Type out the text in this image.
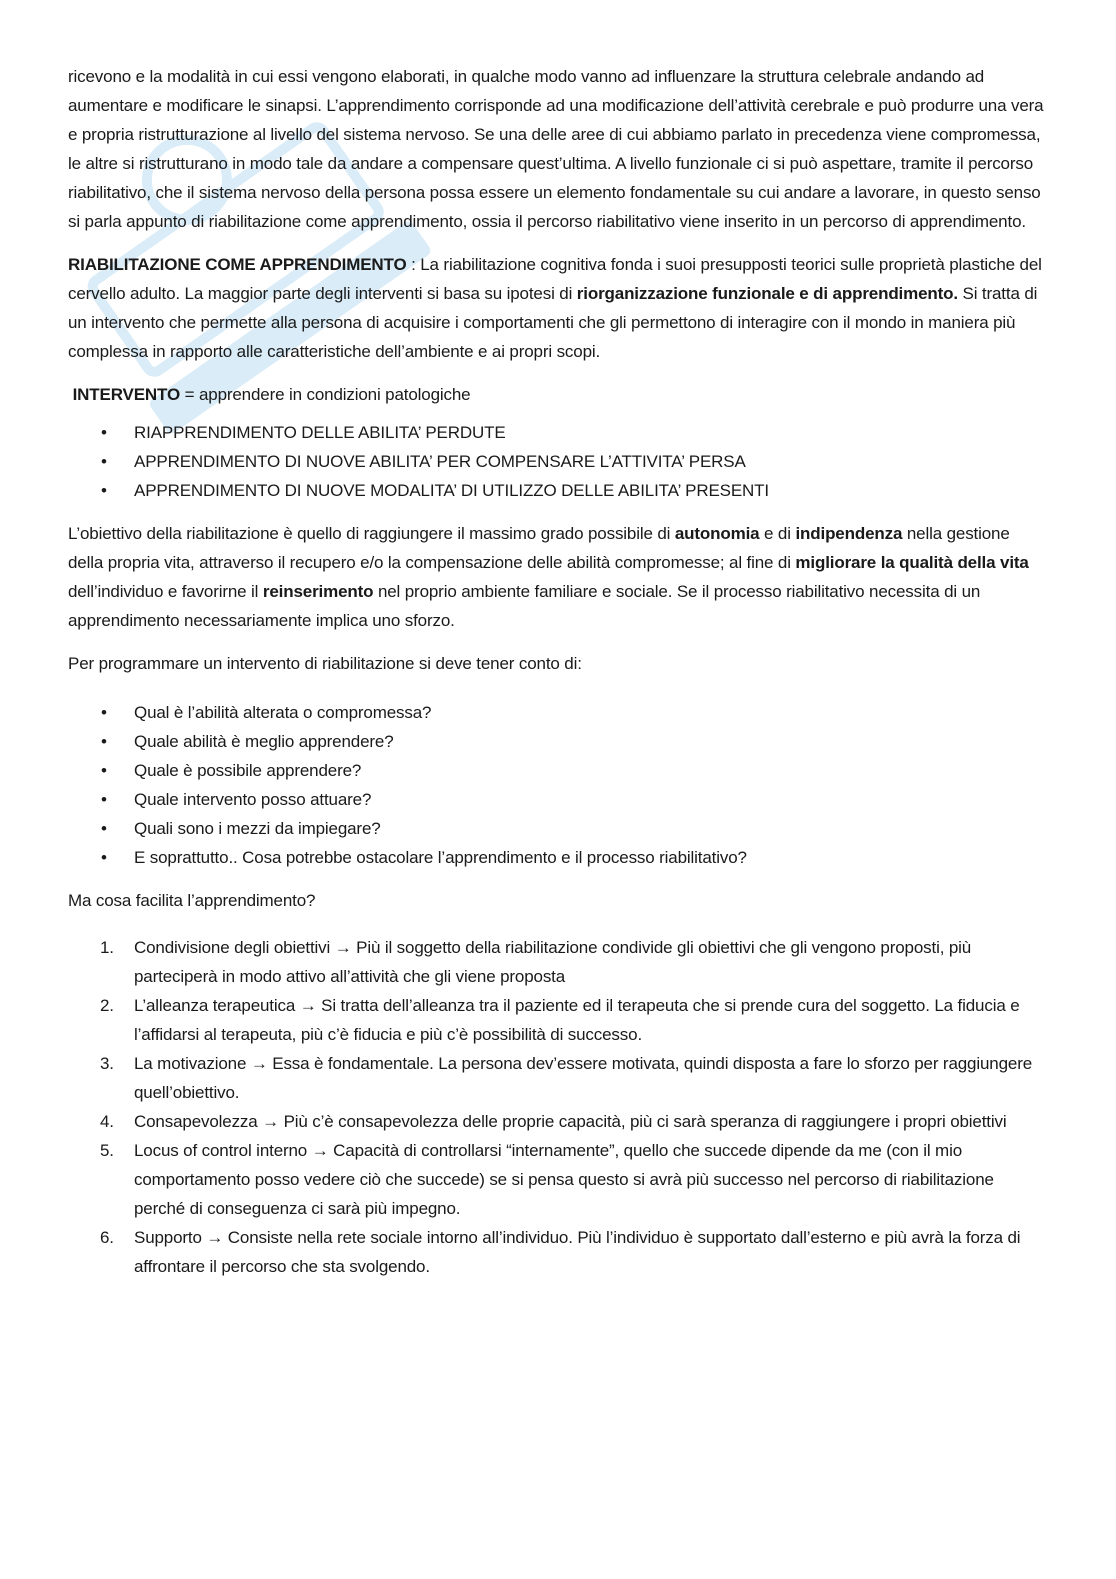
ricevono e la modalità in cui essi vengono elaborati, in qualche modo vanno ad influenzare la struttura celebrale andando ad aumentare e modificare le sinapsi. L’apprendimento corrisponde ad una modificazione dell’attività cerebrale e può produrre una vera e propria ristrutturazione al livello del sistema nervoso. Se una delle aree di cui abbiamo parlato in precedenza viene compromessa, le altre si ristrutturano in modo tale da andare a compensare quest’ultima. A livello funzionale ci si può aspettare, tramite il percorso riabilitativo, che il sistema nervoso della persona possa essere un elemento fondamentale su cui andare a lavorare, in questo senso si parla appunto di riabilitazione come apprendimento, ossia il percorso riabilitativo viene inserito in un percorso di apprendimento.

RIABILITAZIONE COME APPRENDIMENTO : La riabilitazione cognitiva fonda i suoi presupposti teorici sulle proprietà plastiche del cervello adulto. La maggior parte degli interventi si basa su ipotesi di riorganizzazione funzionale e di apprendimento. Si tratta di un intervento che permette alla persona di acquisire i comportamenti che gli permettono di interagire con il mondo in maniera più complessa in rapporto alle caratteristiche dell’ambiente e ai propri scopi.

INTERVENTO = apprendere in condizioni patologiche

• RIAPPRENDIMENTO DELLE ABILITA’ PERDUTE
• APPRENDIMENTO DI NUOVE ABILITA’ PER COMPENSARE L’ATTIVITA’ PERSA
• APPRENDIMENTO DI NUOVE MODALITA’ DI UTILIZZO DELLE ABILITA’ PRESENTI

L’obiettivo della riabilitazione è quello di raggiungere il massimo grado possibile di autonomia e di indipendenza nella gestione della propria vita, attraverso il recupero e/o la compensazione delle abilità compromesse; al fine di migliorare la qualità della vita dell’individuo e favorirne il reinserimento nel proprio ambiente familiare e sociale. Se il processo riabilitativo necessita di un apprendimento necessariamente implica uno sforzo.

Per programmare un intervento di riabilitazione si deve tener conto di:

• Qual è l’abilità alterata o compromessa?
• Quale abilità è meglio apprendere?
• Quale è possibile apprendere?
• Quale intervento posso attuare?
• Quali sono i mezzi da impiegare?
• E soprattutto.. Cosa potrebbe ostacolare l’apprendimento e il processo riabilitativo?

Ma cosa facilita l’apprendimento?

1. Condivisione degli obiettivi → Più il soggetto della riabilitazione condivide gli obiettivi che gli vengono proposti, più parteciperà in modo attivo all’attività che gli viene proposta
2. L’alleanza terapeutica → Si tratta dell’alleanza tra il paziente ed il terapeuta che si prende cura del soggetto. La fiducia e l’affidarsi al terapeuta, più c’è fiducia e più c’è possibilità di successo.
3. La motivazione → Essa è fondamentale. La persona dev’essere motivata, quindi disposta a fare lo sforzo per raggiungere quell’obiettivo.
4. Consapevolezza → Più c’è consapevolezza delle proprie capacità, più ci sarà speranza di raggiungere i propri obiettivi
5. Locus of control interno → Capacità di controllarsi “internamente”, quello che succede dipende da me (con il mio comportamento posso vedere ciò che succede) se si pensa questo si avrà più successo nel percorso di riabilitazione perché di conseguenza ci sarà più impegno.
6. Supporto → Consiste nella rete sociale intorno all’individuo. Più l’individuo è supportato dall’esterno e più avrà la forza di affrontare il percorso che sta svolgendo.
